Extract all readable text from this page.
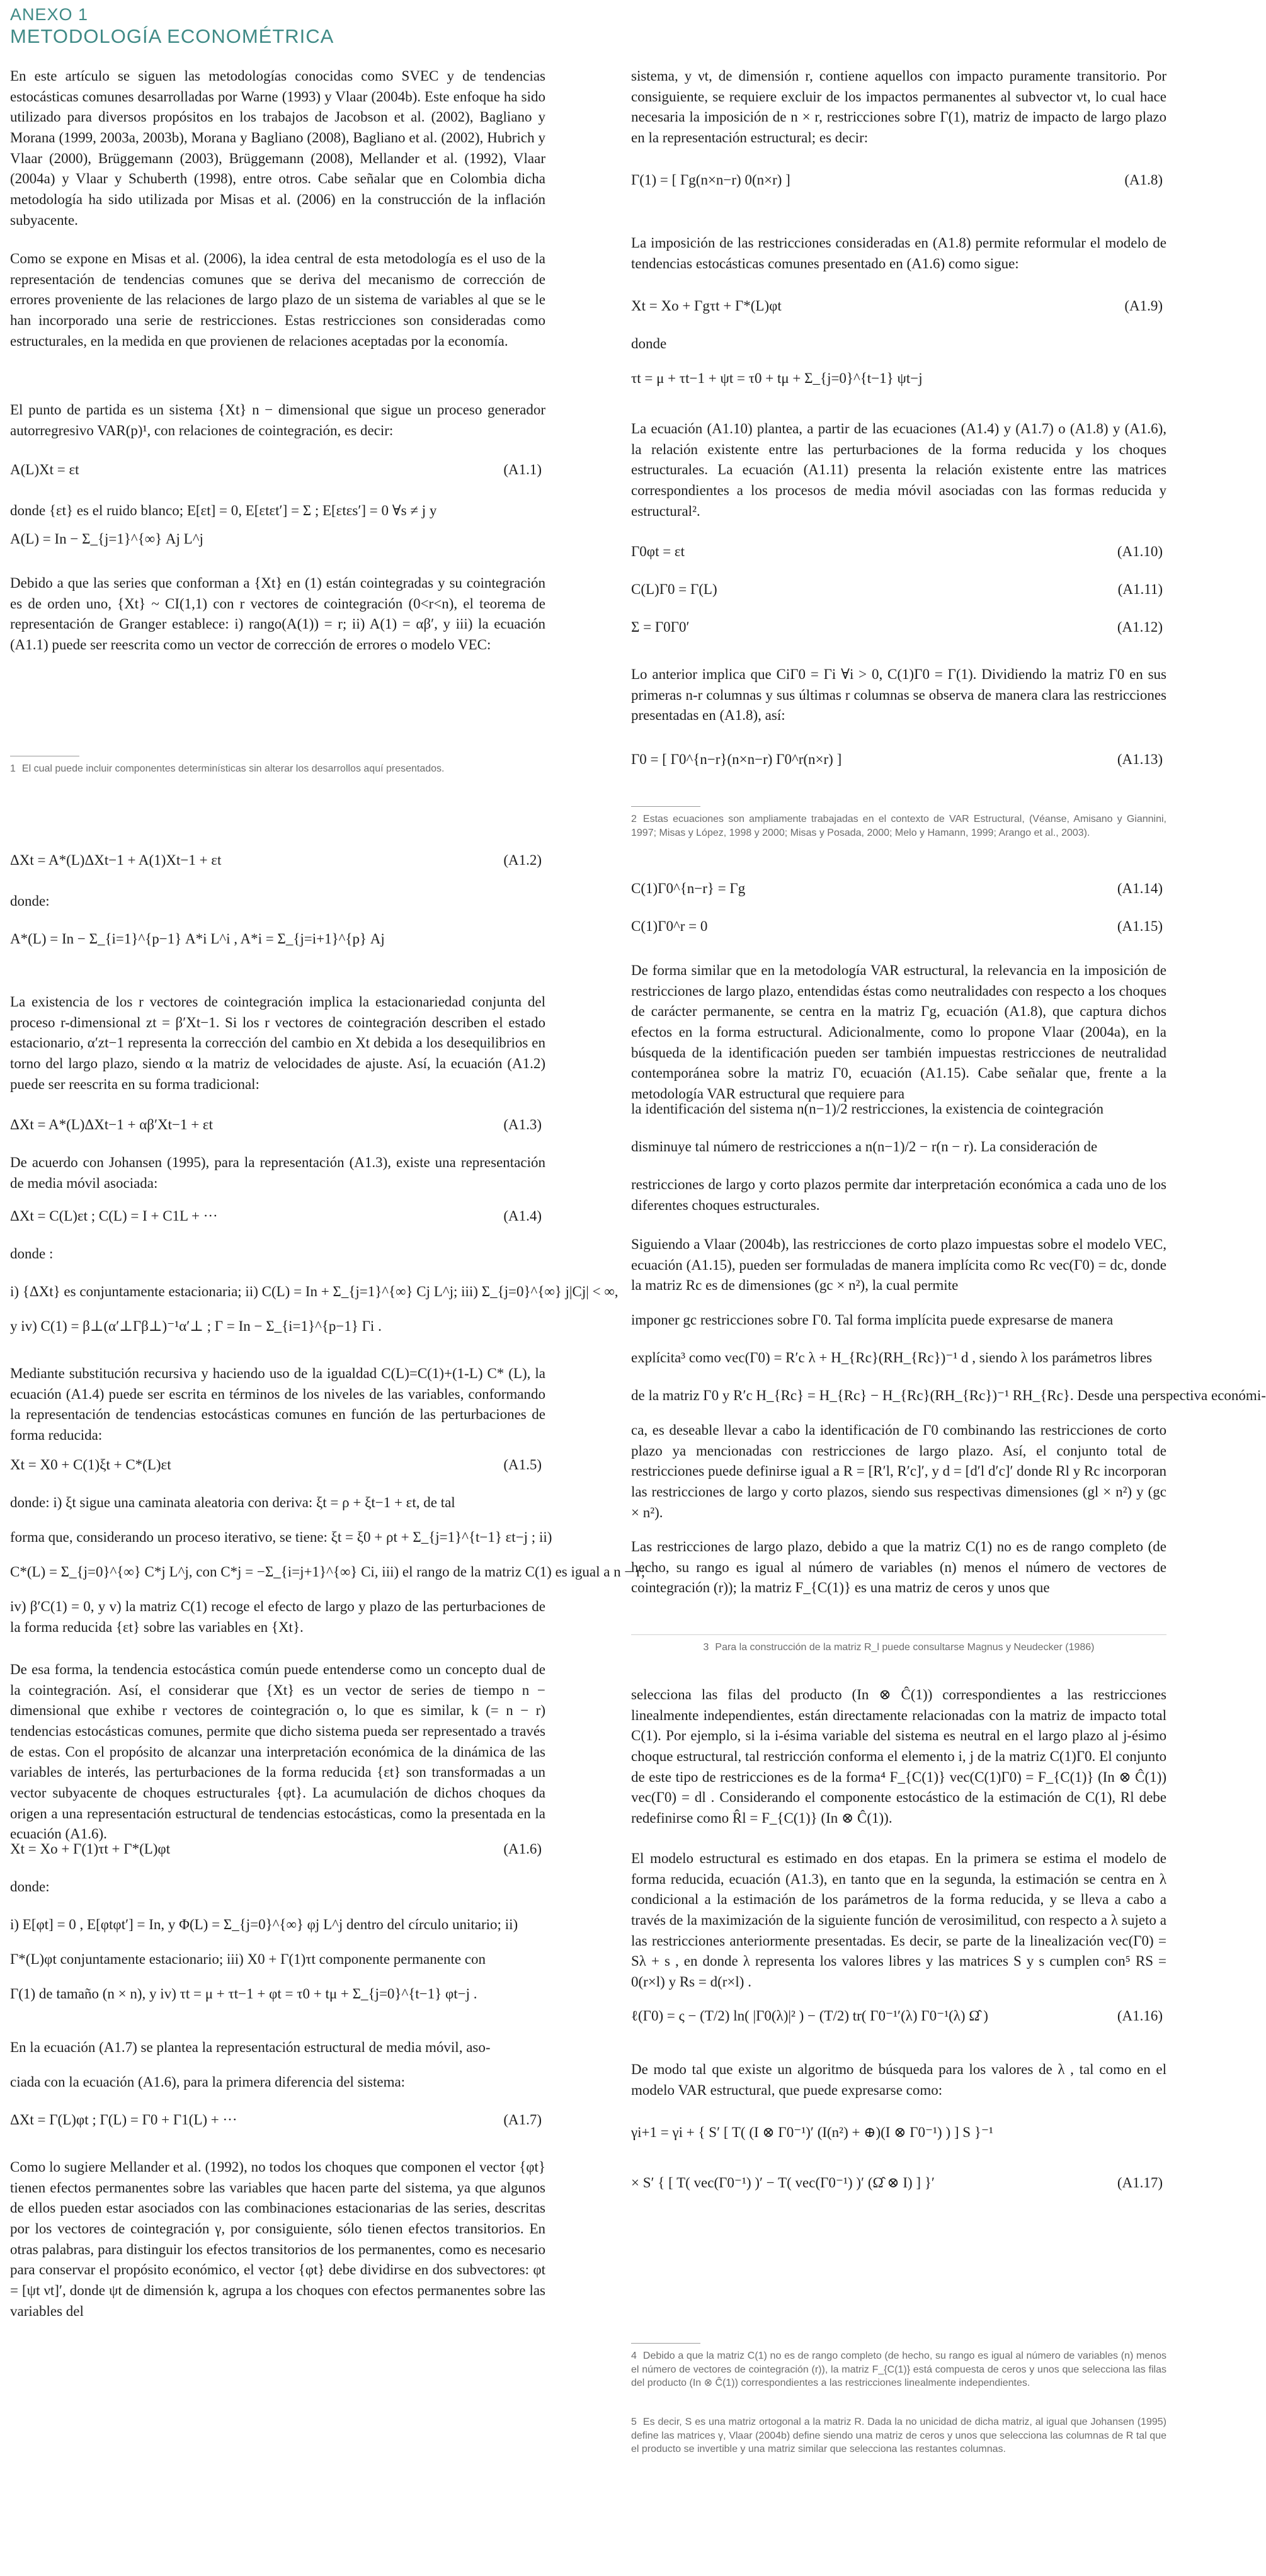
ANEXO 1
METODOLOGÍA ECONOMÉTRICA

En este artículo se siguen las metodologías conocidas como SVEC y de tendencias estocásticas comunes desarrolladas por Warne (1993) y Vlaar (2004b). Este enfoque ha sido utilizado para diversos propósitos en los trabajos de Jacobson et al. (2002), Bagliano y Morana (1999, 2003a, 2003b), Morana y Bagliano (2008), Bagliano et al. (2002), Hubrich y Vlaar (2000), Brüggemann (2003), Brüggemann (2008), Mellander et al. (1992), Vlaar (2004a) y Vlaar y Schuberth (1998), entre otros. Cabe señalar que en Colombia dicha metodología ha sido utilizada por Misas et al. (2006) en la construcción de la inflación subyacente.

Como se expone en Misas et al. (2006), la idea central de esta metodología es el uso de la representación de tendencias comunes que se deriva del mecanismo de corrección de errores proveniente de las relaciones de largo plazo de un sistema de variables al que se le han incorporado una serie de restricciones. Estas restricciones son consideradas como estructurales, en la medida en que provienen de relaciones aceptadas por la economía.

El punto de partida es un sistema {Xt} n − dimensional que sigue un proceso generador autorregresivo VAR(p)¹, con relaciones de cointegración, es decir:

A(L)Xt = εt	(A1.1)

donde {εt} es el ruido blanco; E[εt] = 0, E[εtεt′] = Σ ; E[εtεs′] = 0 ∀s ≠ j y

A(L) = In − Σ_{j=1}^{∞} Aj L^j

Debido a que las series que conforman a {Xt} en (1) están cointegradas y su cointegración es de orden uno, {Xt} ~ CI(1,1) con r vectores de cointegración (0<r<n), el teorema de representación de Granger establece: i) rango(A(1)) = r; ii) A(1) = αβ′, y iii) la ecuación (A1.1) puede ser reescrita como un vector de corrección de errores o modelo VEC:

1 El cual puede incluir componentes determinísticas sin alterar los desarrollos aquí presentados.

ΔXt = A*(L)ΔXt−1 + A(1)Xt−1 + εt	(A1.2)

donde:

A*(L) = In − Σ_{i=1}^{p−1} A*i L^i , A*i = Σ_{j=i+1}^{p} Aj

La existencia de los r vectores de cointegración implica la estacionariedad conjunta del proceso r-dimensional zt = β′Xt−1. Si los r vectores de cointegración describen el estado estacionario, α′zt−1 representa la corrección del cambio en Xt debida a los desequilibrios en torno del largo plazo, siendo α la matriz de velocidades de ajuste. Así, la ecuación (A1.2) puede ser reescrita en su forma tradicional:

ΔXt = A*(L)ΔXt−1 + αβ′Xt−1 + εt	(A1.3)

De acuerdo con Johansen (1995), para la representación (A1.3), existe una representación de media móvil asociada:

ΔXt = C(L)εt ; C(L) = I + C1L + ···	(A1.4)

donde :

i) {ΔXt} es conjuntamente estacionaria; ii) C(L) = In + Σ_{j=1}^{∞} Cj L^j; iii) Σ_{j=0}^{∞} j|Cj| < ∞,

y iv) C(1) = β⊥(α′⊥Γβ⊥)⁻¹α′⊥ ; Γ = In − Σ_{i=1}^{p−1} Γi .

Mediante substitución recursiva y haciendo uso de la igualdad C(L)=C(1)+(1-L) C* (L), la ecuación (A1.4) puede ser escrita en términos de los niveles de las variables, conformando la representación de tendencias estocásticas comunes en función de las perturbaciones de forma reducida:

Xt = X0 + C(1)ξt + C*(L)εt	(A1.5)

donde: i) ξt sigue una caminata aleatoria con deriva: ξt = ρ + ξt−1 + εt, de tal

forma que, considerando un proceso iterativo, se tiene: ξt = ξ0 + ρt + Σ_{j=1}^{t−1} εt−j ; ii)

C*(L) = Σ_{j=0}^{∞} C*j L^j, con C*j = −Σ_{i=j+1}^{∞} Ci, iii) el rango de la matriz C(1) es igual a n − r;

iv) β′C(1) = 0, y v) la matriz C(1) recoge el efecto de largo y plazo de las perturbaciones de la forma reducida {εt} sobre las variables en {Xt}.

De esa forma, la tendencia estocástica común puede entenderse como un concepto dual de la cointegración. Así, el considerar que {Xt} es un vector de series de tiempo n − dimensional que exhibe r vectores de cointegración o, lo que es similar, k (= n − r) tendencias estocásticas comunes, permite que dicho sistema pueda ser representado a través de estas. Con el propósito de alcanzar una interpretación económica de la dinámica de las variables de interés, las perturbaciones de la forma reducida {εt} son transformadas a un vector subyacente de choques estructurales {φt}. La acumulación de dichos choques da origen a una representación estructural de tendencias estocásticas, como la presentada en la ecuación (A1.6).

Xt = Xo + Γ(1)τt + Γ*(L)φt	(A1.6)

donde:

i) E[φt] = 0 , E[φtφt′] = In, y Φ(L) = Σ_{j=0}^{∞} φj L^j dentro del círculo unitario; ii)

Γ*(L)φt conjuntamente estacionario; iii) X0 + Γ(1)τt componente permanente con

Γ(1) de tamaño (n × n), y iv) τt = μ + τt−1 + φt = τ0 + tμ + Σ_{j=0}^{t−1} φt−j .

En la ecuación (A1.7) se plantea la representación estructural de media móvil, aso-

ciada con la ecuación (A1.6), para la primera diferencia del sistema:

ΔXt = Γ(L)φt ; Γ(L) = Γ0 + Γ1(L) + ···	(A1.7)

Como lo sugiere Mellander et al. (1992), no todos los choques que componen el vector {φt} tienen efectos permanentes sobre las variables que hacen parte del sistema, ya que algunos de ellos pueden estar asociados con las combinaciones estacionarias de las series, descritas por los vectores de cointegración γ, por consiguiente, sólo tienen efectos transitorios. En otras palabras, para distinguir los efectos transitorios de los permanentes, como es necesario para conservar el propósito económico, el vector {φt} debe dividirse en dos subvectores: φt = [ψt νt]′, donde ψt de dimensión k, agrupa a los choques con efectos permanentes sobre las variables del

sistema, y νt, de dimensión r, contiene aquellos con impacto puramente transitorio. Por consiguiente, se requiere excluir de los impactos permanentes al subvector νt, lo cual hace necesaria la imposición de n × r, restricciones sobre Γ(1), matriz de impacto de largo plazo en la representación estructural; es decir:

Γ(1) = [ Γg(n×n−r) 0(n×r) ]	(A1.8)

La imposición de las restricciones consideradas en (A1.8) permite reformular el modelo de tendencias estocásticas comunes presentado en (A1.6) como sigue:

Xt = Xo + Γgτt + Γ*(L)φt	(A1.9)

donde

τt = μ + τt−1 + ψt = τ0 + tμ + Σ_{j=0}^{t−1} ψt−j

La ecuación (A1.10) plantea, a partir de las ecuaciones (A1.4) y (A1.7) o (A1.8) y (A1.6), la relación existente entre las perturbaciones de la forma reducida y los choques estructurales. La ecuación (A1.11) presenta la relación existente entre las matrices correspondientes a los procesos de media móvil asociadas con las formas reducida y estructural².

Γ0φt = εt	(A1.10)
C(L)Γ0 = Γ(L)	(A1.11)
Σ = Γ0Γ0′	(A1.12)

Lo anterior implica que CiΓ0 = Γi ∀i > 0, C(1)Γ0 = Γ(1). Dividiendo la matriz Γ0 en sus primeras n-r columnas y sus últimas r columnas se observa de manera clara las restricciones presentadas en (A1.8), así:

Γ0 = [ Γ0^{n−r}(n×n−r) Γ0^r(n×r) ]	(A1.13)

2 Estas ecuaciones son ampliamente trabajadas en el contexto de VAR Estructural, (Véanse, Amisano y Giannini, 1997; Misas y López, 1998 y 2000; Misas y Posada, 2000; Melo y Hamann, 1999; Arango et al., 2003).

C(1)Γ0^{n−r} = Γg	(A1.14)
C(1)Γ0^r = 0	(A1.15)

De forma similar que en la metodología VAR estructural, la relevancia en la imposición de restricciones de largo plazo, entendidas éstas como neutralidades con respecto a los choques de carácter permanente, se centra en la matriz Γg, ecuación (A1.8), que captura dichos efectos en la forma estructural. Adicionalmente, como lo propone Vlaar (2004a), en la búsqueda de la identificación pueden ser también impuestas restricciones de neutralidad contemporánea sobre la matriz Γ0, ecuación (A1.15). Cabe señalar que, frente a la metodología VAR estructural que requiere para

la identificación del sistema n(n−1)/2 restricciones, la existencia de cointegración

disminuye tal número de restricciones a n(n−1)/2 − r(n − r). La consideración de

restricciones de largo y corto plazos permite dar interpretación económica a cada uno de los diferentes choques estructurales.

Siguiendo a Vlaar (2004b), las restricciones de corto plazo impuestas sobre el modelo VEC, ecuación (A1.15), pueden ser formuladas de manera implícita como Rc vec(Γ0) = dc, donde la matriz Rc es de dimensiones (gc × n²), la cual permite

imponer gc restricciones sobre Γ0. Tal forma implícita puede expresarse de manera

explícita³ como vec(Γ0) = R′c λ + H_{Rc}(RH_{Rc})⁻¹ d , siendo λ los parámetros libres

de la matriz Γ0 y R′c H_{Rc} = H_{Rc} − H_{Rc}(RH_{Rc})⁻¹ RH_{Rc}. Desde una perspectiva económi-

ca, es deseable llevar a cabo la identificación de Γ0 combinando las restricciones de corto plazo ya mencionadas con restricciones de largo plazo. Así, el conjunto total de restricciones puede definirse igual a R = [R′l, R′c]′, y d = [d′l d′c]′ donde Rl y Rc incorporan las restricciones de largo y corto plazos, siendo sus respectivas dimensiones (gl × n²) y (gc × n²).

Las restricciones de largo plazo, debido a que la matriz C(1) no es de rango completo (de hecho, su rango es igual al número de variables (n) menos el número de vectores de cointegración (r)); la matriz F_{C(1)} es una matriz de ceros y unos que

3 Para la construcción de la matriz R_l puede consultarse Magnus y Neudecker (1986)

selecciona las filas del producto (In ⊗ Ĉ(1)) correspondientes a las restricciones linealmente independientes, están directamente relacionadas con la matriz de impacto total C(1). Por ejemplo, si la i-ésima variable del sistema es neutral en el largo plazo al j-ésimo choque estructural, tal restricción conforma el elemento i, j de la matriz C(1)Γ0. El conjunto de este tipo de restricciones es de la forma⁴ F_{C(1)} vec(C(1)Γ0) = F_{C(1)} (In ⊗ Ĉ(1)) vec(Γ0) = dl . Considerando el componente estocástico de la estimación de C(1), Rl debe redefinirse como R̂l = F_{C(1)} (In ⊗ Ĉ(1)).

El modelo estructural es estimado en dos etapas. En la primera se estima el modelo de forma reducida, ecuación (A1.3), en tanto que en la segunda, la estimación se centra en λ condicional a la estimación de los parámetros de la forma reducida, y se lleva a cabo a través de la maximización de la siguiente función de verosimilitud, con respecto a λ sujeto a las restricciones anteriormente presentadas. Es decir, se parte de la linealización vec(Γ0) = Sλ + s , en donde λ representa los valores libres y las matrices S y s cumplen con⁵ RS = 0(r×l) y Rs = d(r×l) .

ℓ(Γ0) = ς − (T/2) ln( |Γ0(λ)|² ) − (T/2) tr( Γ0⁻¹′(λ) Γ0⁻¹(λ) Ω̂ )	(A1.16)

De modo tal que existe un algoritmo de búsqueda para los valores de λ , tal como en el modelo VAR estructural, que puede expresarse como:

γi+1 = γi + { S′ [ T( (I ⊗ Γ0⁻¹)′ (I(n²) + ⊕)(I ⊗ Γ0⁻¹) ) ] S }⁻¹
× S′ { [ T( vec(Γ0⁻¹) )′ − T( vec(Γ0⁻¹) )′ (Ω̂ ⊗ I) ] }′	(A1.17)

4 Debido a que la matriz C(1) no es de rango completo (de hecho, su rango es igual al número de variables (n) menos el número de vectores de cointegración (r)), la matriz F_{C(1)} está compuesta de ceros y unos que selecciona las filas del producto (In ⊗ Ĉ(1)) correspondientes a las restricciones linealmente independientes.

5 Es decir, S es una matriz ortogonal a la matriz R. Dada la no unicidad de dicha matriz, al igual que Johansen (1995) define las matrices γ, Vlaar (2004b) define siendo una matriz de ceros y unos que selecciona las columnas de R tal que el producto se invertible y una matriz similar que selecciona las restantes columnas.
